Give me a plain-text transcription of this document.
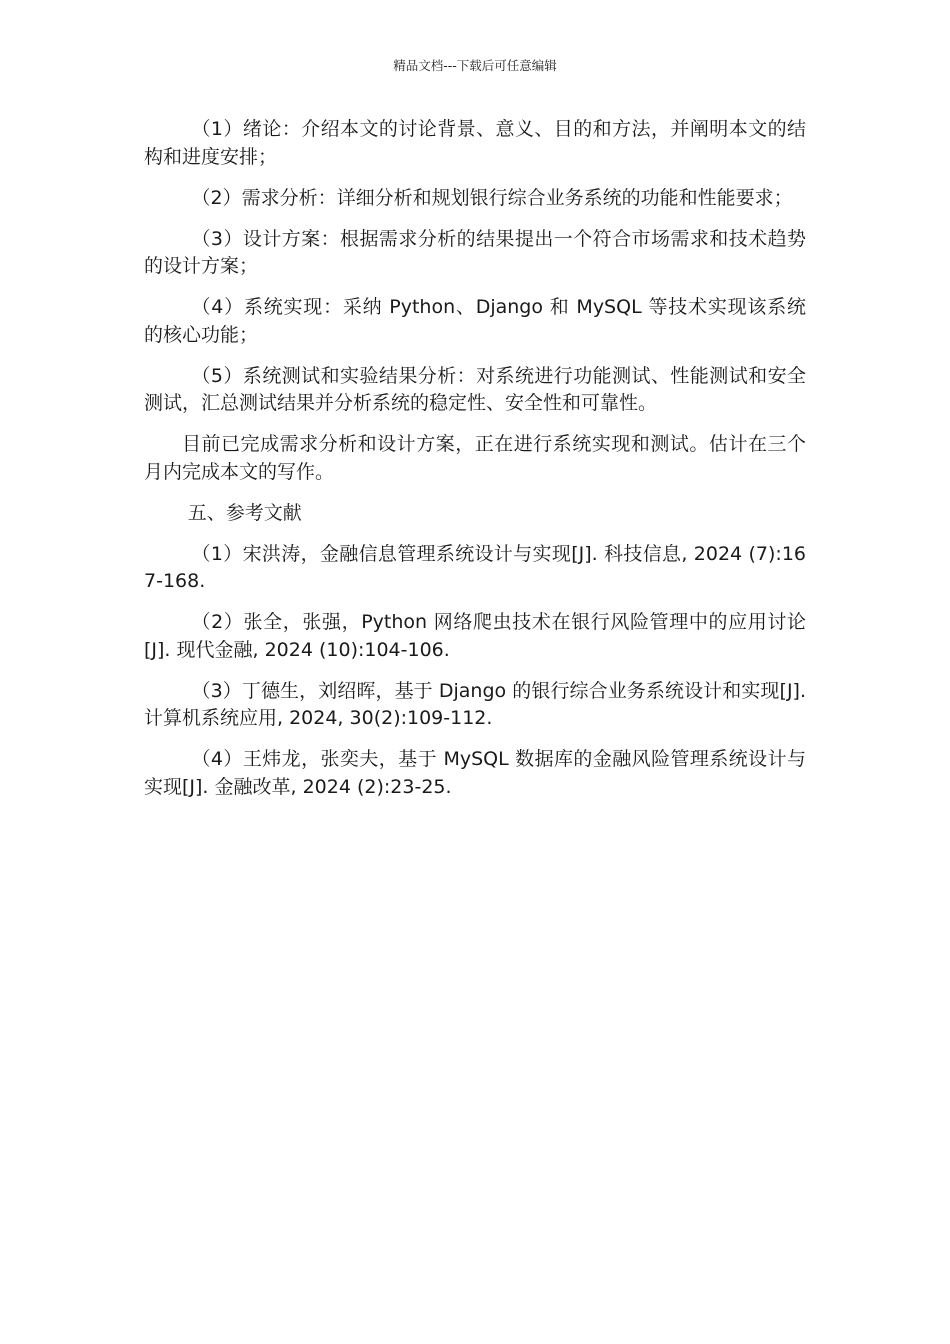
精品文档---下载后可任意编辑

（1）绪论：介绍本文的讨论背景、意义、目的和方法，并阐明本文的结构和进度安排；

（2）需求分析：详细分析和规划银行综合业务系统的功能和性能要求；

（3）设计方案：根据需求分析的结果提出一个符合市场需求和技术趋势的设计方案；

（4）系统实现：采纳 Python、Django 和 MySQL 等技术实现该系统的核心功能；

（5）系统测试和实验结果分析：对系统进行功能测试、性能测试和安全测试，汇总测试结果并分析系统的稳定性、安全性和可靠性。

目前已完成需求分析和设计方案，正在进行系统实现和测试。估计在三个月内完成本文的写作。

五、参考文献

（1）宋洪涛，金融信息管理系统设计与实现[J]. 科技信息, 2024 (7):167-168.

（2）张全，张强，Python 网络爬虫技术在银行风险管理中的应用讨论[J]. 现代金融, 2024 (10):104-106.

（3）丁德生，刘绍晖，基于 Django 的银行综合业务系统设计和实现[J]. 计算机系统应用, 2024, 30(2):109-112.

（4）王炜龙，张奕夫，基于 MySQL 数据库的金融风险管理系统设计与实现[J]. 金融改革, 2024 (2):23-25.
